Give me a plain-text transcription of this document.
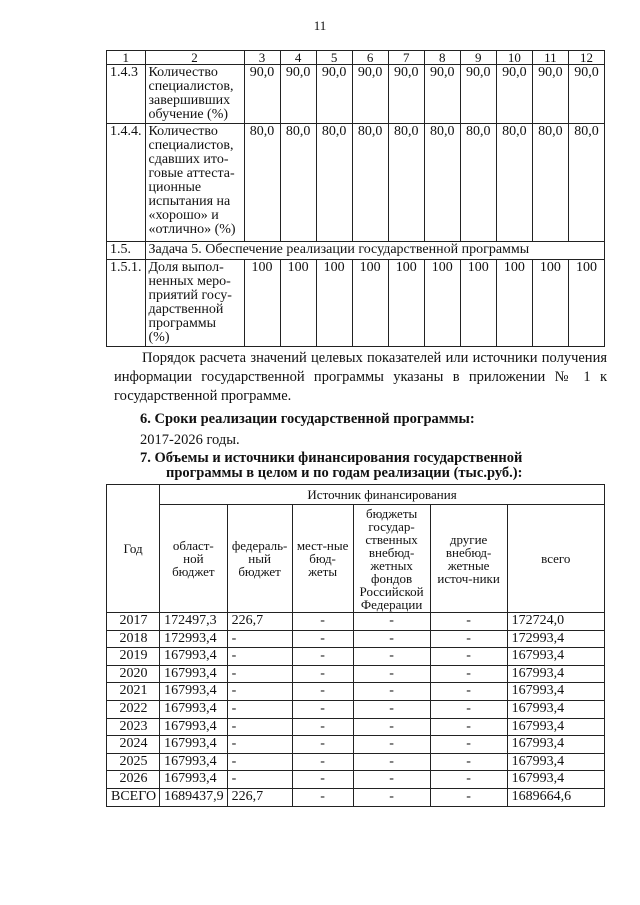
11
1	2	3	4	5	6	7	8	9	10	11	12
1.4.3	Количество специалистов, завершивших обучение (%)	90,0	90,0	90,0	90,0	90,0	90,0	90,0	90,0	90,0	90,0
1.4.4.	Количество специалистов, сдавших ито-говые аттеста-ционные испытания на «хорошо» и «отлично» (%)	80,0	80,0	80,0	80,0	80,0	80,0	80,0	80,0	80,0	80,0
1.5.	Задача 5. Обеспечение реализации государственной программы										
1.5.1.	Доля выпол-ненных меро-приятий госу-дарственной программы (%)	100	100	100	100	100	100	100	100	100	100
Порядок расчета значений целевых показателей или источники получения информации государственной программы указаны в приложении № 1 к государственной программе.
6. Сроки реализации государственной программы:
2017-2026 годы.
7. Объемы и источники финансирования государственной
программы в целом и по годам реализации (тыс.руб.):
Год	Источник финансирования					
	област-ной бюджет	федераль-ный бюджет	мест-ные бюд-жеты	бюджеты государ-ственных внебюд-жетных фондов Российской Федерации	другие внебюд-жетные источ-ники	всего
2017	172497,3	226,7	-	-	-	172724,0
2018	172993,4	-	-	-	-	172993,4
2019	167993,4	-	-	-	-	167993,4
2020	167993,4	-	-	-	-	167993,4
2021	167993,4	-	-	-	-	167993,4
2022	167993,4	-	-	-	-	167993,4
2023	167993,4	-	-	-	-	167993,4
2024	167993,4	-	-	-	-	167993,4
2025	167993,4	-	-	-	-	167993,4
2026	167993,4	-	-	-	-	167993,4
ВСЕГО	1689437,9	226,7	-	-	-	1689664,6
